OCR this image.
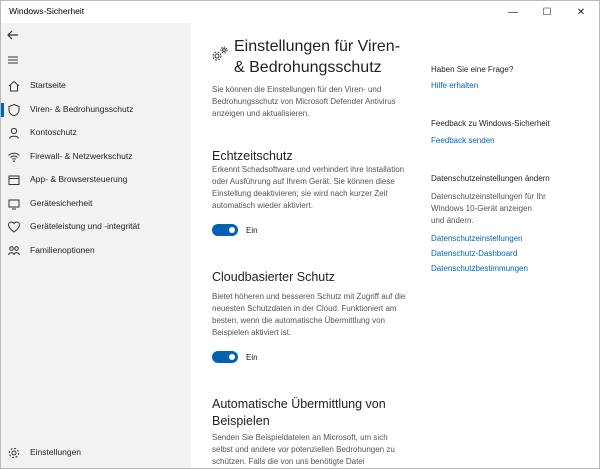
Windows-Sicherheit	— ☐	✕
Startseite
Viren- & Bedrohungsschutz
Kontoschutz
Firewall- & Netzwerkschutz
App- & Browsersteuerung
Gerätesicherheit
Geräteleistung und -integrität
Familienoptionen
Einstellungen
Einstellungen für Viren-
& Bedrohungsschutz
Sie können die Einstellungen für den Viren- und Bedrohungsschutz von Microsoft Defender Antivirus anzeigen und aktualisieren.
Echtzeitschutz
Erkennt Schadsoftware und verhindert ihre Installation oder Ausführung auf Ihrem Gerät. Sie können diese Einstellung deaktivieren; sie wird nach kurzer Zeit automatisch wieder aktiviert.
Ein
Cloudbasierter Schutz
Bietet höheren und besseren Schutz mit Zugriff auf die neuesten Schutzdaten in der Cloud. Funktioniert am besten, wenn die automatische Übermittlung von Beispielen aktiviert ist.
Ein
Automatische Übermittlung von Beispielen
Senden Sie Beispieldateien an Microsoft, um sich selbst und andere vor potenziellen Bedrohungen zu schützen. Falls die von uns benötigte Datei
Haben Sie eine Frage?
Hilfe erhalten
Feedback zu Windows-Sicherheit
Feedback senden
Datenschutzeinstellungen ändern
Datenschutzeinstellungen für Ihr Windows 10-Gerät anzeigen und ändern.
Datenschutzeinstellungen
Datenschutz-Dashboard
Datenschutzbestimmungen
